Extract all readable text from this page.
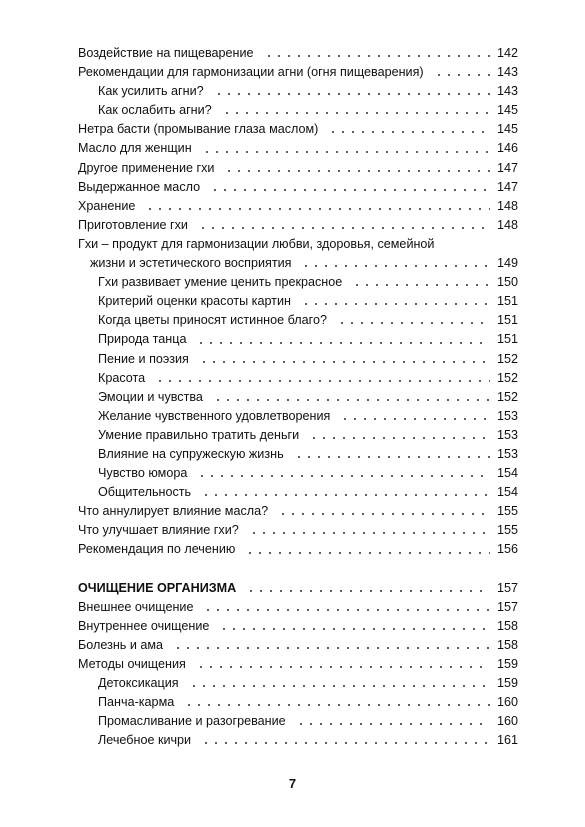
Воздействие на пищеварение	142
Рекомендации для гармонизации агни (огня пищеварения)	143
Как усилить агни?	143
Как ослабить агни?	145
Нетра басти (промывание глаза маслом)	145
Масло для женщин	146
Другое применение гхи	147
Выдержанное масло	147
Хранение	148
Приготовление гхи	148
Гхи – продукт для гармонизации любви, здоровья, семейной
жизни и эстетического восприятия	149
Гхи развивает умение ценить прекрасное	150
Критерий оценки красоты картин	151
Когда цветы приносят истинное благо?	151
Природа танца	151
Пение и поэзия	152
Красота	152
Эмоции и чувства	152
Желание чувственного удовлетворения	153
Умение правильно тратить деньги	153
Влияние на супружескую жизнь	153
Чувство юмора	154
Общительность	154
Что аннулирует влияние масла?	155
Что улучшает влияние гхи?	155
Рекомендация по лечению	156
ОЧИЩЕНИЕ ОРГАНИЗМА	157
Внешнее очищение	157
Внутреннее очищение	158
Болезнь и ама	158
Методы очищения	159
Детоксикация	159
Панча-карма	160
Промасливание и разогревание	160
Лечебное кичри	161
7
